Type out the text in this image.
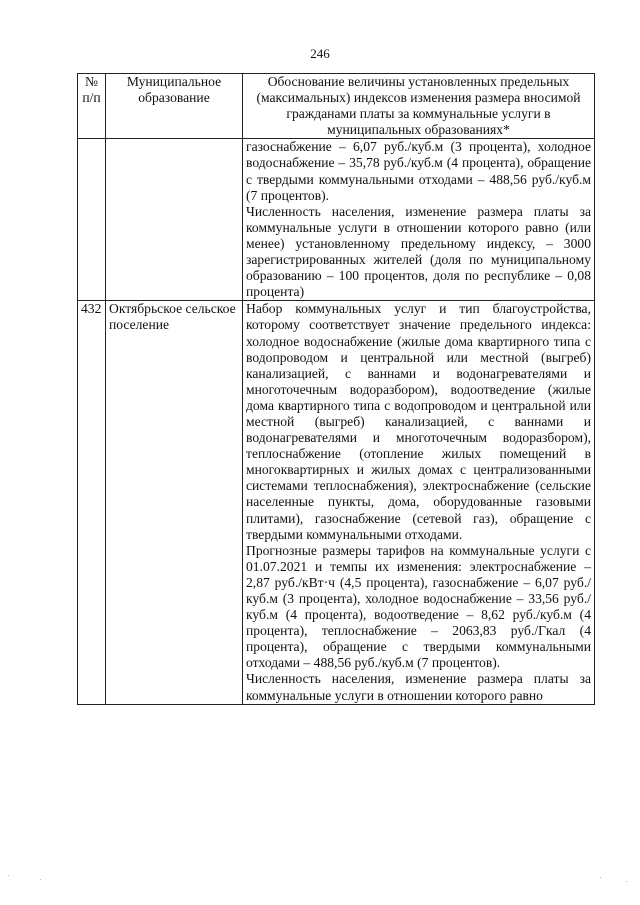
246
№ п/п	Муниципальное образование	Обоснование величины установленных предельных (максимальных) индексов изменения размера вносимой гражданами платы за коммунальные услуги в муниципальных образованиях*

		газоснабжение – 6,07 руб./куб.м (3 процента), холодное водоснабжение – 35,78 руб./куб.м (4 процента), обращение с твердыми коммунальными отходами – 488,56 руб./куб.м (7 процентов).

Численность населения, изменение размера платы за коммунальные услуги в отношении которого равно (или менее) установленному предельному индексу, – 3000 зарегистрированных жителей (доля по муниципальному образованию – 100 процентов, доля по республике – 0,08 процента)

432	Октябрьское сельское поселение	Набор коммунальных услуг и тип благоустройства, которому соответствует значение предельного индекса: холодное водоснабжение (жилые дома квартирного типа с водопроводом и центральной или местной (выгреб) канализацией, с ваннами и водонагревателями и многоточечным водоразбором), водоотведение (жилые дома квартирного типа с водопроводом и центральной или местной (выгреб) канализацией, с ваннами и водонагревателями и многоточечным водоразбором), теплоснабжение (отопление жилых помещений в многоквартирных и жилых домах с централизованными системами теплоснабжения), электроснабжение (сельские населенные пункты, дома, оборудованные газовыми плитами), газоснабжение (сетевой газ), обращение с твердыми коммунальными отходами.

Прогнозные размеры тарифов на коммунальные услуги с 01.07.2021 и темпы их изменения: электроснабжение – 2,87 руб./кВт·ч (4,5 процента), газоснабжение – 6,07 руб./куб.м (3 процента), холодное водоснабжение – 33,56 руб./куб.м (4 процента), водоотведение – 8,62 руб./куб.м (4 процента), теплоснабжение – 2063,83 руб./Гкал (4 процента), обращение с твердыми коммунальными отходами – 488,56 руб./куб.м (7 процентов).

Численность населения, изменение размера платы за коммунальные услуги в отношении которого равно
